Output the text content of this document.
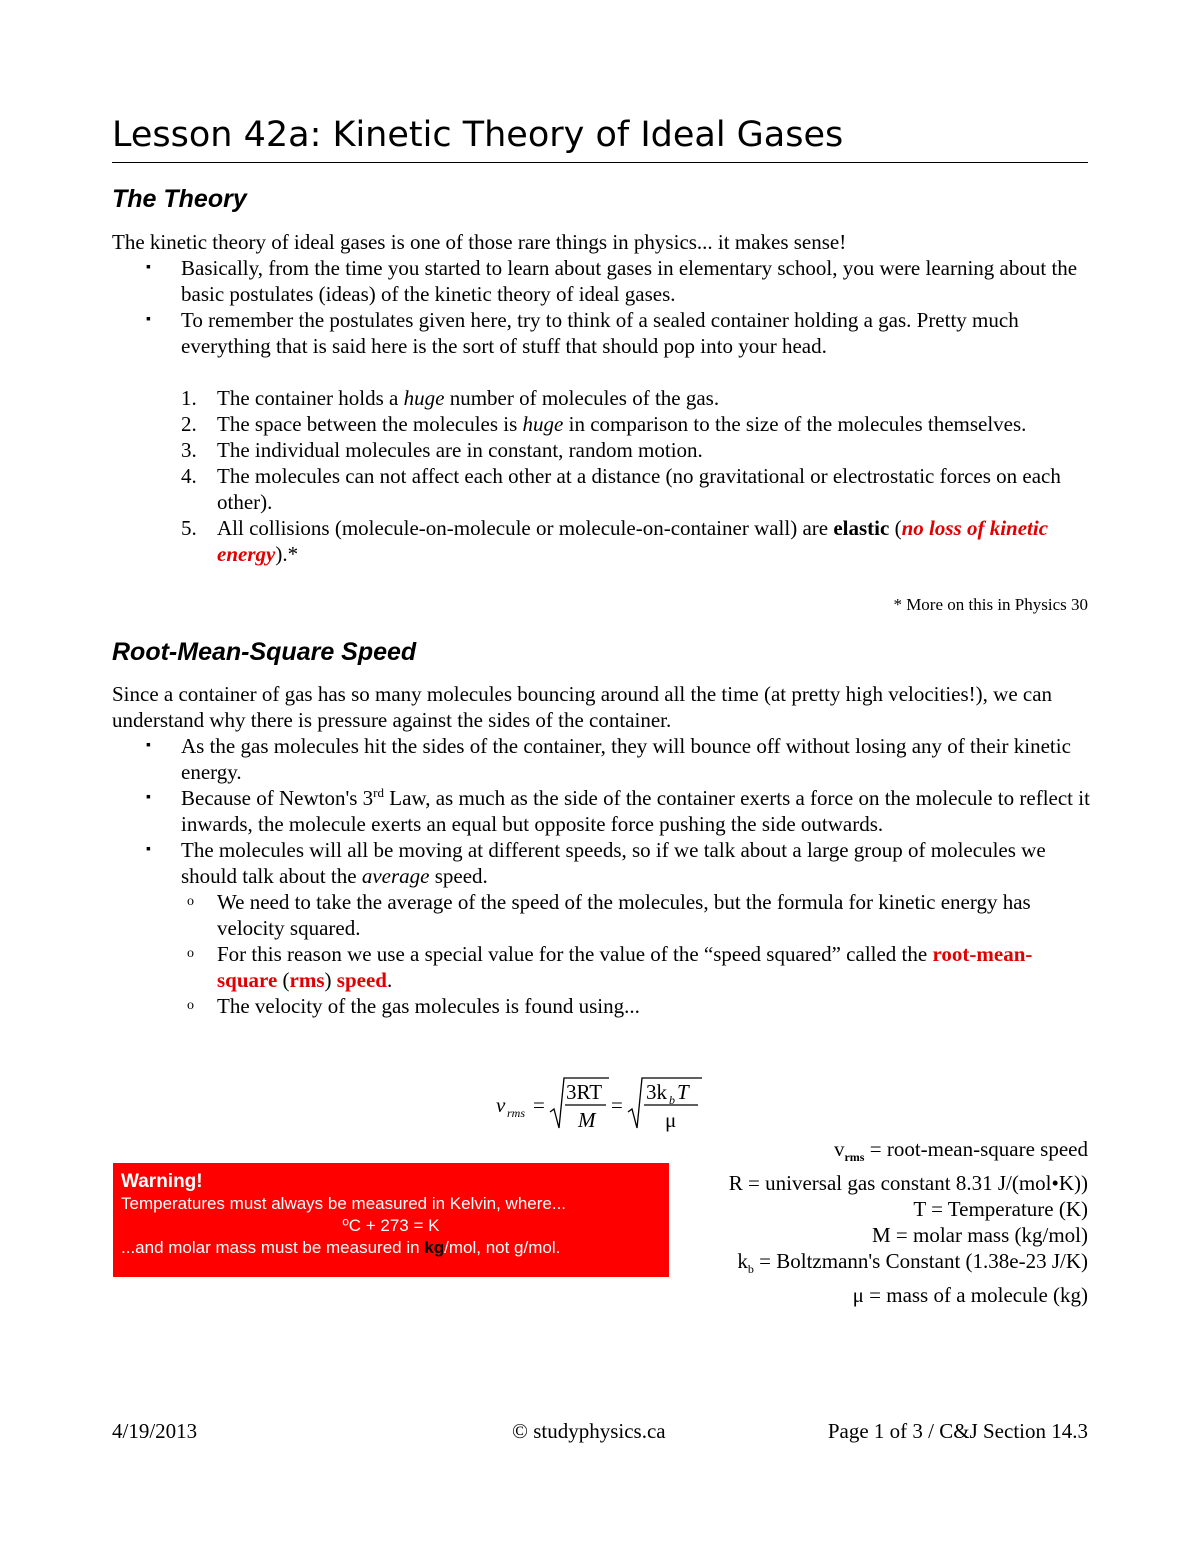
Lesson 42a: Kinetic Theory of Ideal Gases
The Theory

The kinetic theory of ideal gases is one of those rare things in physics... it makes sense!

▪ Basically, from the time you started to learn about gases in elementary school, you were learning about the basic postulates (ideas) of the kinetic theory of ideal gases.
▪ To remember the postulates given here, try to think of a sealed container holding a gas. Pretty much everything that is said here is the sort of stuff that should pop into your head.
1. The container holds a huge number of molecules of the gas.
2. The space between the molecules is huge in comparison to the size of the molecules themselves.
3. The individual molecules are in constant, random motion.
4. The molecules can not affect each other at a distance (no gravitational or electrostatic forces on each other).
5. All collisions (molecule-on-molecule or molecule-on-container wall) are elastic (no loss of kinetic energy).*
* More on this in Physics 30
Root-Mean-Square Speed

Since a container of gas has so many molecules bouncing around all the time (at pretty high velocities!), we can understand why there is pressure against the sides of the container.

▪ As the gas molecules hit the sides of the container, they will bounce off without losing any of their kinetic energy.
▪ Because of Newton's 3rd Law, as much as the side of the container exerts a force on the molecule to reflect it inwards, the molecule exerts an equal but opposite force pushing the side outwards.
▪ The molecules will all be moving at different speeds, so if we talk about a large group of molecules we should talk about the average speed.
o We need to take the average of the speed of the molecules, but the formula for kinetic energy has velocity squared.
o For this reason we use a special value for the value of the “speed squared” called the root-mean-square (rms) speed.
o The velocity of the gas molecules is found using...
v rms =
3RT
M
=
3k b T
μ
$v_{rms}$ = root-mean-square speed
R = universal gas constant 8.31 J/(mol•K))
T = Temperature (K)
M = molar mass (kg/mol)
$k_b$ = Boltzmann's Constant (1.38e-23 J/K)
μ = mass of a molecule (kg)
Warning!
Temperatures must always be measured in Kelvin, where...
ºC + 273 = K
...and molar mass must be measured in kg/mol, not g/mol.
4/19/2013	© studyphysics.ca	Page 1 of 3 / C&J Section 14.3
